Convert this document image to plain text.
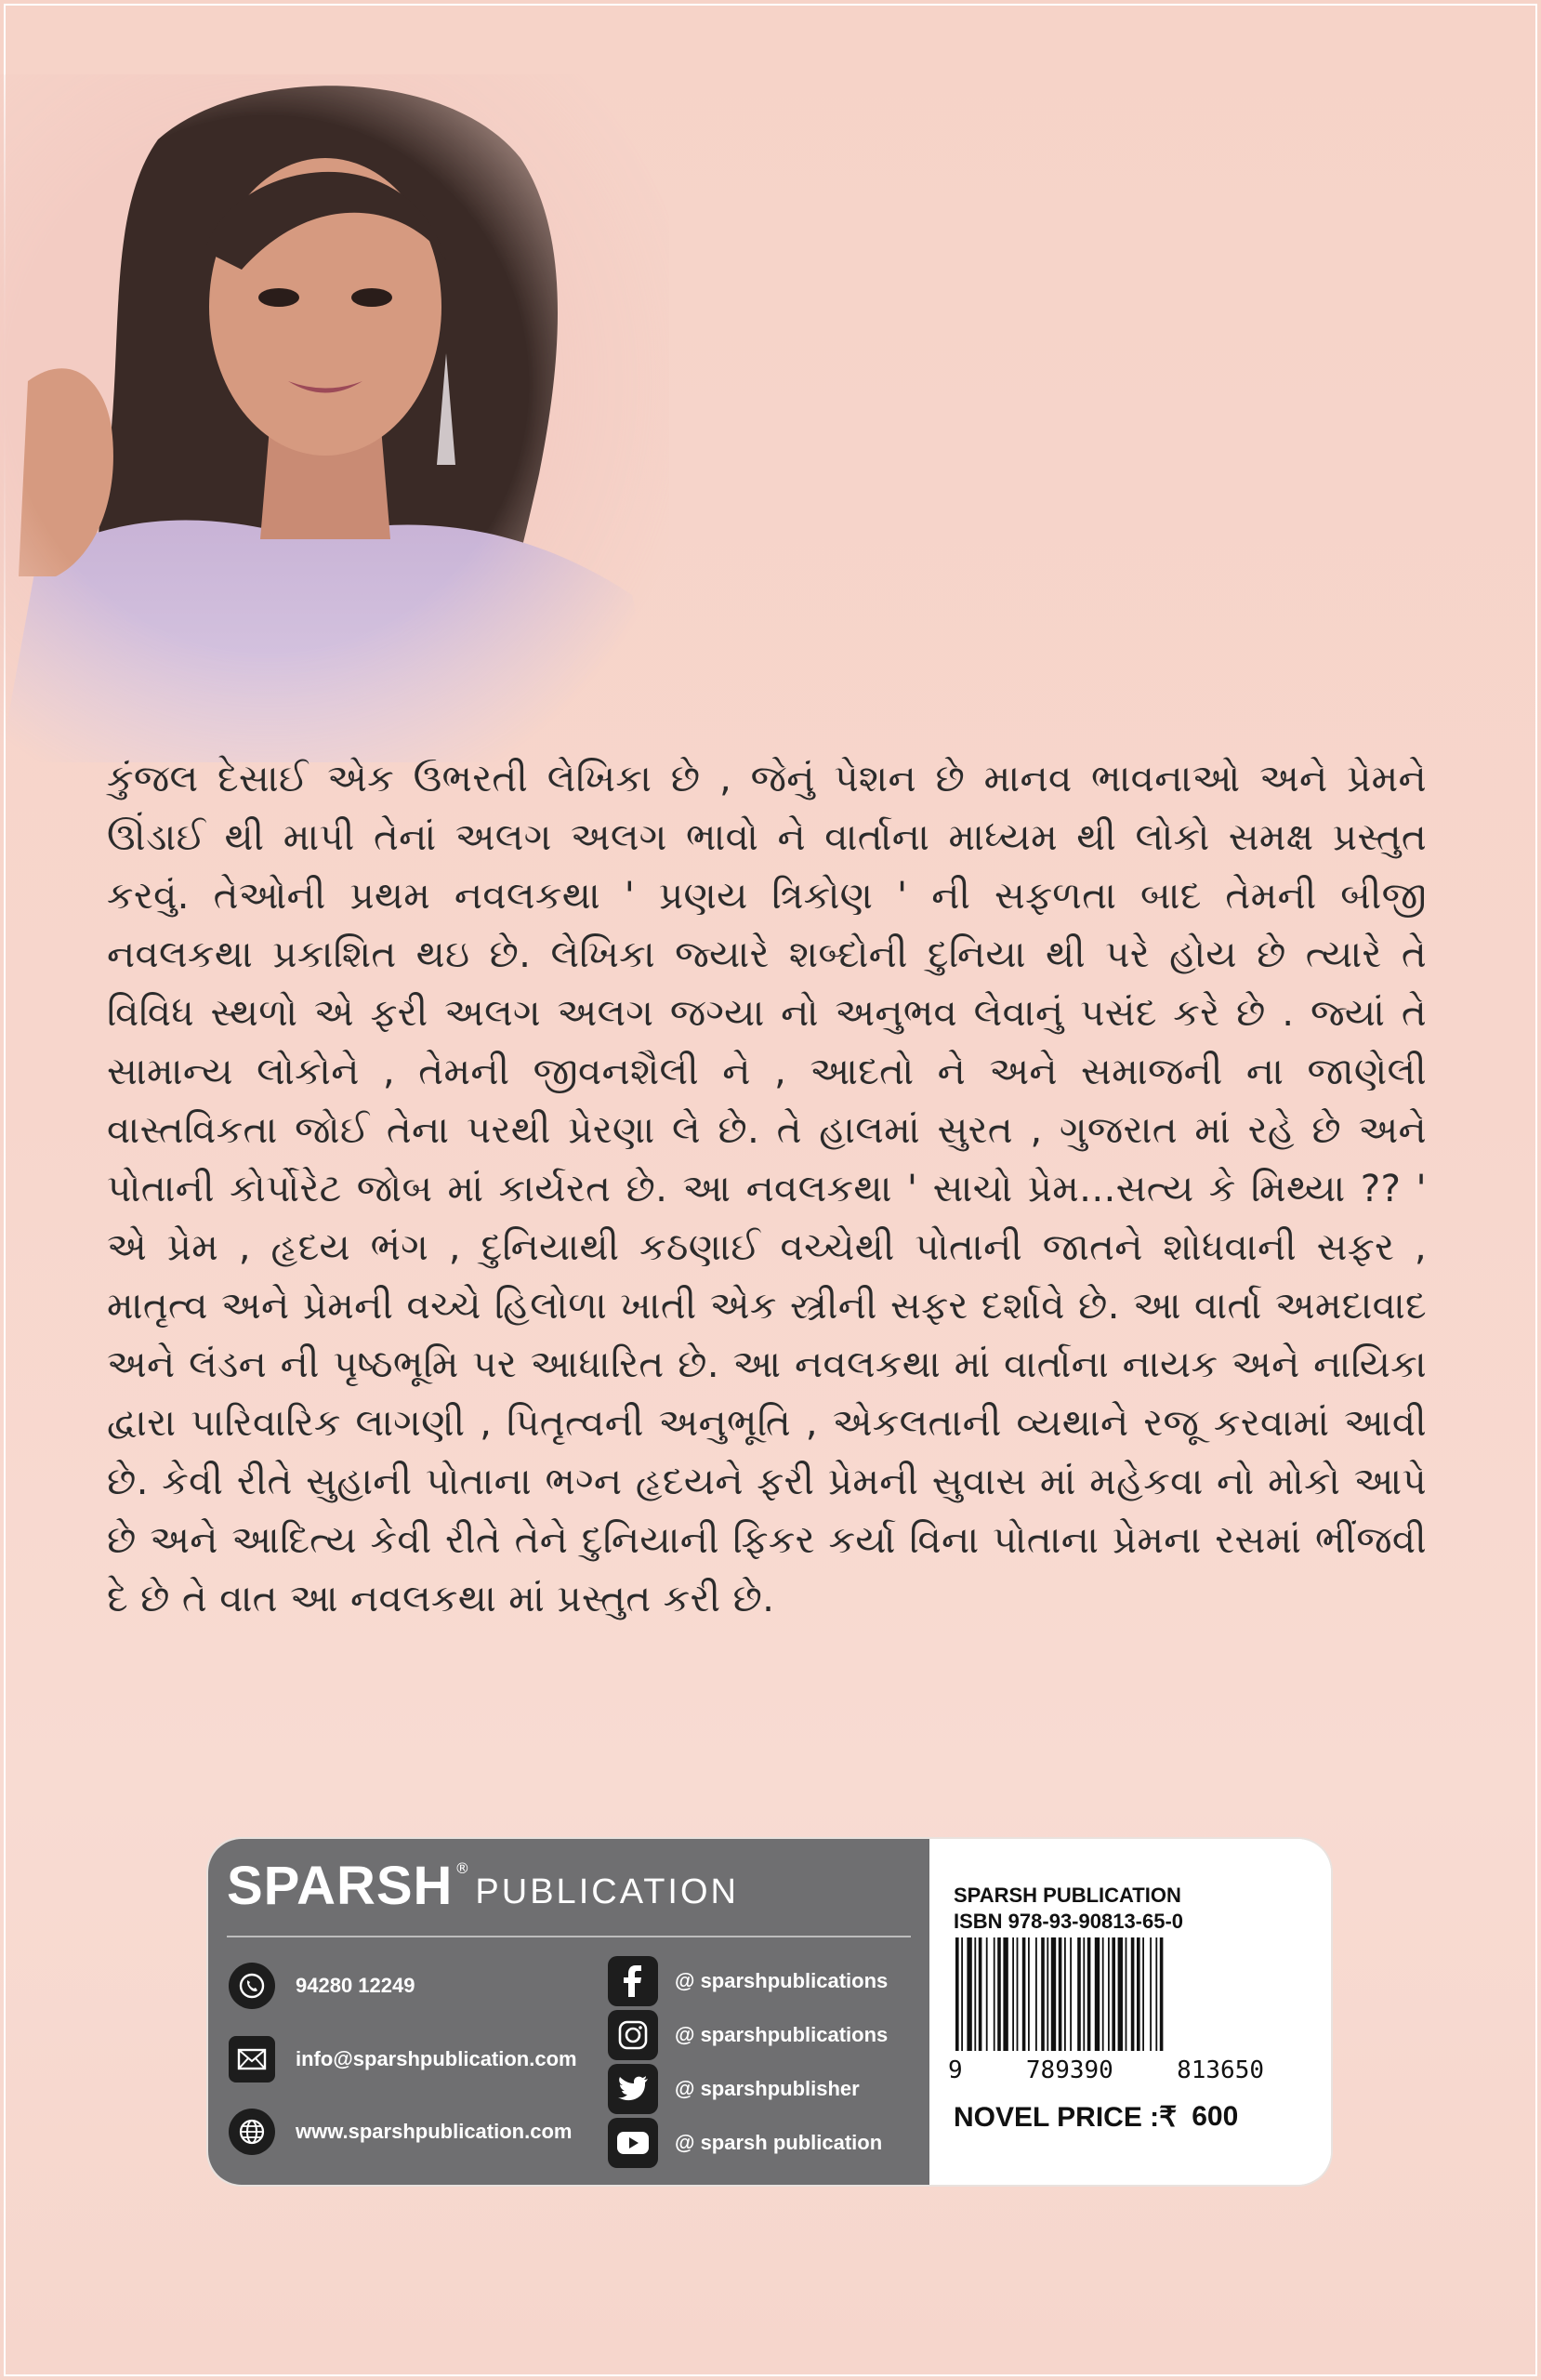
કુંજલ દેસાઈ એક ઉભરતી લેખિકા છે , જેનું પેશન છે માનવ ભાવનાઓ અને પ્રેમને ઊંડાઈ થી માપી તેનાં અલગ અલગ ભાવો ને વાર્તાના માધ્યમ થી લોકો સમક્ષ પ્રસ્તુત કરવું. તેઓની પ્રથમ નવલકથા ' પ્રણય ત્રિકોણ ' ની સફળતા બાદ તેમની બીજી નવલકથા પ્રકાશિત થઇ છે. લેખિકા જ્યારે શબ્દોની દુનિયા થી પરે હોય છે ત્યારે તે વિવિધ સ્થળો એ ફરી અલગ અલગ જગ્યા નો અનુભવ લેવાનું પસંદ કરે છે . જ્યાં તે સામાન્ય લોકોને , તેમની જીવનશૈલી ને , આદતો ને અને સમાજની ના જાણેલી વાસ્તવિકતા જોઈ તેના પરથી પ્રેરણા લે છે. તે હાલમાં સુરત , ગુજરાત માં રહે છે અને પોતાની કોર્પોરેટ જોબ માં કાર્યરત છે. આ નવલકથા ' સાચો પ્રેમ...સત્ય કે મિથ્યા ?? ' એ પ્રેમ , હૃદય ભંગ , દુનિયાથી કઠણાઈ વચ્ચેથી પોતાની જાતને શોધવાની સફર , માતૃત્વ અને પ્રેમની વચ્ચે હિલોળા ખાતી એક સ્ત્રીની સફર દર્શાવે છે. આ વાર્તા અમદાવાદ અને લંડન ની પૃષ્ઠભૂમિ પર આધારિત છે. આ નવલકથા માં વાર્તાના નાયક અને નાયિકા દ્વારા પારિવારિક લાગણી , પિતૃત્વની અનુભૂતિ , એકલતાની વ્યથાને રજૂ કરવામાં આવી છે. કેવી રીતે સુહાની પોતાના ભગ્ન હૃદયને ફરી પ્રેમની સુવાસ માં મહેકવા નો મોકો આપે છે અને આદિત્ય કેવી રીતે તેને દુનિયાની ફિકર કર્યા વિના પોતાના પ્રેમના રસમાં ભીંજવી દે છે તે વાત આ નવલકથા માં પ્રસ્તુત કરી છે.

SPARSH ®
PUBLICATION
94280 12249
info@sparshpublication.com
www.sparshpublication.com
@ sparshpublications
@ sparshpublications
@ sparshpublisher
@ sparsh publication
SPARSH PUBLICATION
ISBN 978-93-90813-65-0
9	789390	813650
NOVEL PRICE :₹ 600
